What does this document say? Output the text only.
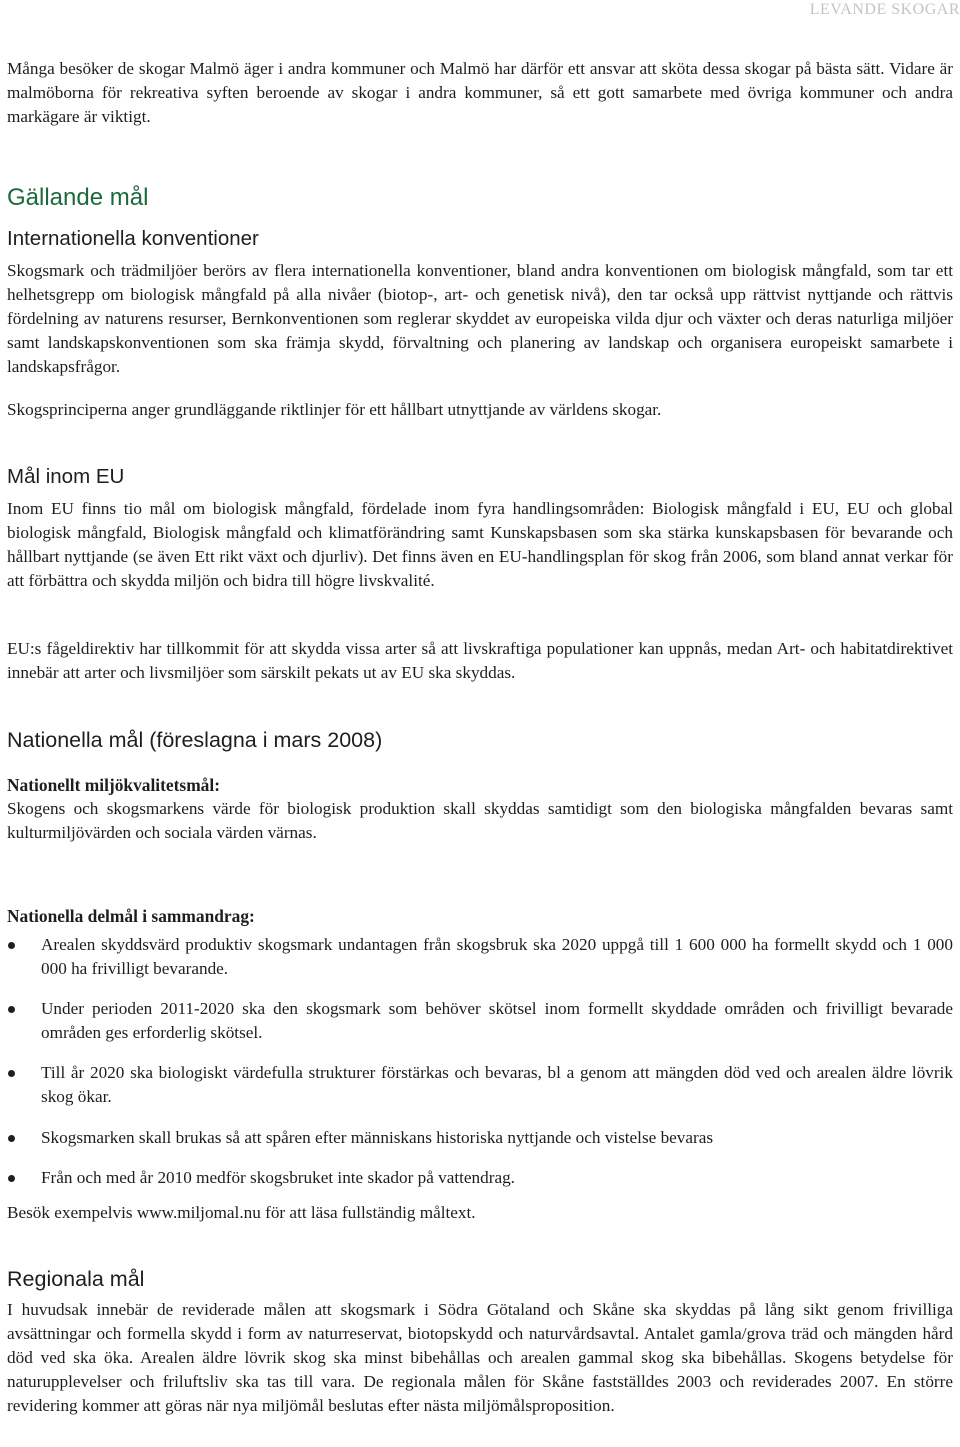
LEVANDE SKOGAR

Många besöker de skogar Malmö äger i andra kommuner och Malmö har därför ett ansvar att sköta dessa skogar på bästa sätt. Vidare är malmöborna för rekreativa syften beroende av skogar i andra kommuner, så ett gott samarbete med övriga kommuner och andra markägare är viktigt.

Gällande mål
Internationella konventioner

Skogsmark och trädmiljöer berörs av flera internationella konventioner, bland andra konventionen om biologisk mångfald, som tar ett helhetsgrepp om biologisk mångfald på alla nivåer (biotop-, art- och genetisk nivå), den tar också upp rättvist nyttjande och rättvis fördelning av naturens resurser, Bernkonventionen som reglerar skyddet av europeiska vilda djur och växter och deras naturliga miljöer samt landskapskonventionen som ska främja skydd, förvaltning och planering av landskap och organisera europeiskt samarbete i landskapsfrågor.

Skogsprinciperna anger grundläggande riktlinjer för ett hållbart utnyttjande av världens skogar.

Mål inom EU

Inom EU finns tio mål om biologisk mångfald, fördelade inom fyra handlingsområden: Biologisk mångfald i EU, EU och global biologisk mångfald, Biologisk mångfald och klimatförändring samt Kunskapsbasen som ska stärka kunskapsbasen för bevarande och hållbart nyttjande (se även Ett rikt växt och djurliv). Det finns även en EU-handlingsplan för skog från 2006, som bland annat verkar för att förbättra och skydda miljön och bidra till högre livskvalité.

EU:s fågeldirektiv har tillkommit för att skydda vissa arter så att livskraftiga populationer kan uppnås, medan Art- och habitatdirektivet innebär att arter och livsmiljöer som särskilt pekats ut av EU ska skyddas.

Nationella mål (föreslagna i mars 2008)
Nationellt miljökvalitetsmål:

Skogens och skogsmarkens värde för biologisk produktion skall skyddas samtidigt som den biologiska mångfalden bevaras samt kulturmiljövärden och sociala värden värnas.

Nationella delmål i sammandrag:
Arealen skyddsvärd produktiv skogsmark undantagen från skogsbruk ska 2020 uppgå till 1 600 000 ha formellt skydd och 1 000 000 ha frivilligt bevarande.
Under perioden 2011-2020 ska den skogsmark som behöver skötsel inom formellt skyddade områden och frivilligt bevarade områden ges erforderlig skötsel.
Till år 2020 ska biologiskt värdefulla strukturer förstärkas och bevaras, bl a genom att mängden död ved och arealen äldre lövrik skog ökar.
Skogsmarken skall brukas så att spåren efter människans historiska nyttjande och vistelse bevaras
Från och med år 2010 medför skogsbruket inte skador på vattendrag.

Besök exempelvis www.miljomal.nu för att läsa fullständig måltext.

Regionala mål

I huvudsak innebär de reviderade målen att skogsmark i Södra Götaland och Skåne ska skyddas på lång sikt genom frivilliga avsättningar och formella skydd i form av naturreservat, biotopskydd och naturvårdsavtal. Antalet gamla/grova träd och mängden hård död ved ska öka. Arealen äldre lövrik skog ska minst bibehållas och arealen gammal skog ska bibehållas. Skogens betydelse för naturupplevelser och friluftsliv ska tas till vara. De regionala målen för Skåne fastställdes 2003 och reviderades 2007. En större revidering kommer att göras när nya miljömål beslutas efter nästa miljömålsproposition.
